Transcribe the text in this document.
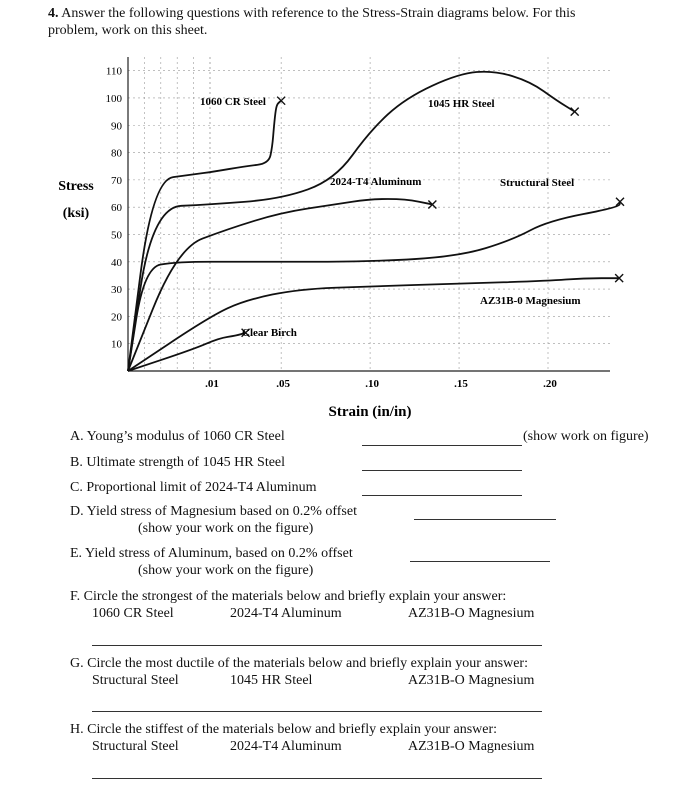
4. Answer the following questions with reference to the Stress-Strain diagrams below. For this
problem, work on this sheet.
10
20
30
40
50
60
70
80
90
100
110
.01	.05	.10	.15	.20
Stress
(ksi)
Strain (in/in)
1060 CR Steel	1045 HR Steel
2024-T4 Aluminum	Structural Steel
AZ31B-0 Magnesium
Clear Birch
A. Young’s modulus of 1060 CR Steel	(show work on figure)
B. Ultimate strength of 1045 HR Steel
C. Proportional limit of 2024-T4 Aluminum
D. Yield stress of Magnesium based on 0.2% offset
(show your work on the figure)
E. Yield stress of Aluminum, based on 0.2% offset
(show your work on the figure)
F. Circle the strongest of the materials below and briefly explain your answer:
1060 CR Steel	2024-T4 Aluminum	AZ31B-O Magnesium
G. Circle the most ductile of the materials below and briefly explain your answer:
Structural Steel	1045 HR Steel	AZ31B-O Magnesium
H. Circle the stiffest of the materials below and briefly explain your answer:
Structural Steel	2024-T4 Aluminum	AZ31B-O Magnesium
